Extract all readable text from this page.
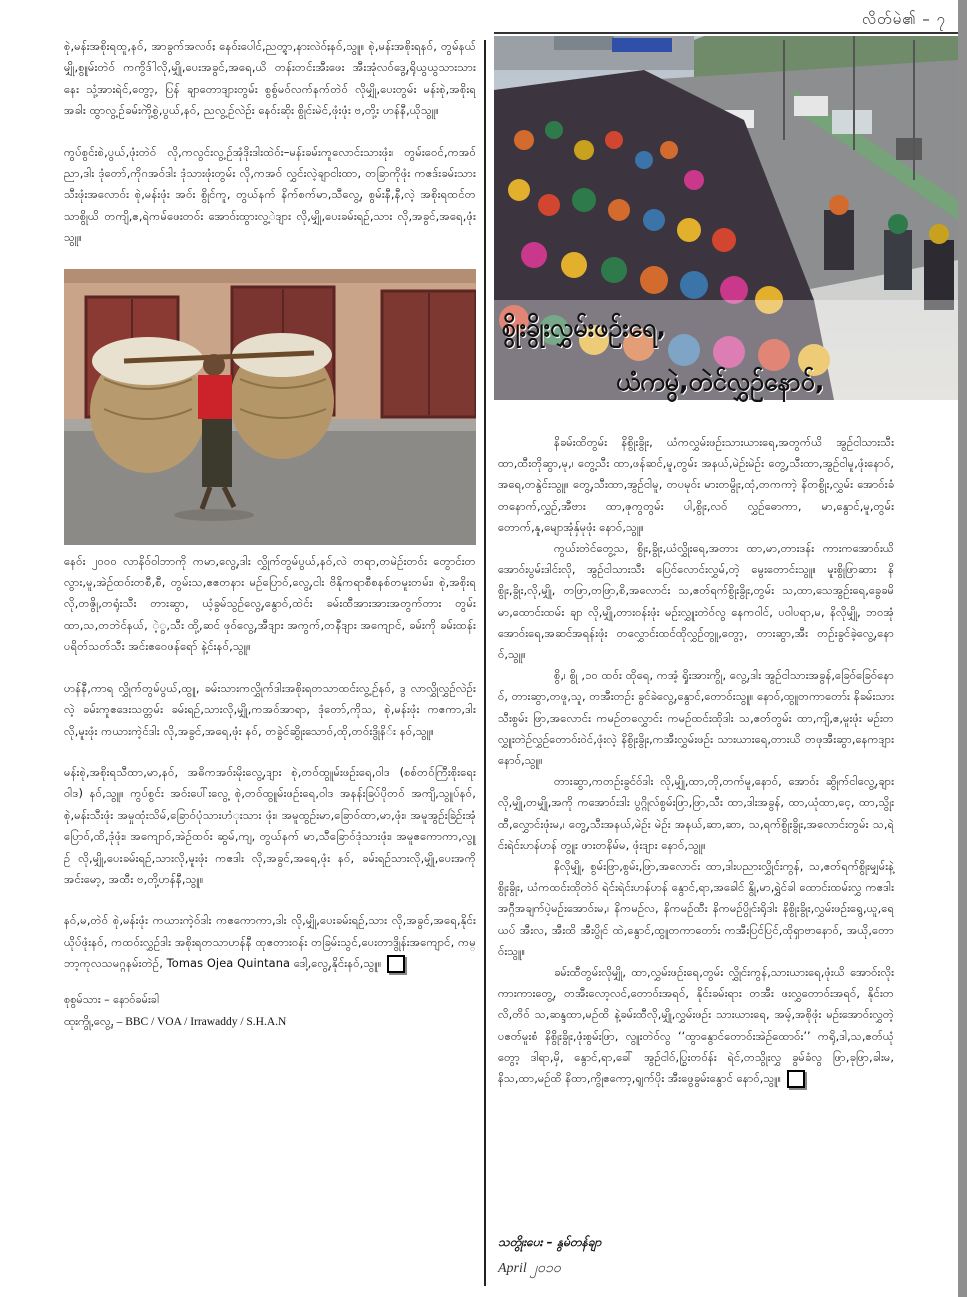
စုဲ,မန်းအစိုးရထူ,နဝ်, အာခွက်အလဝ်ႈ နေဝ်းပေါင်,ညတ္တွာ,နားလဲဝ်ႈနဝ်,သွူ။ စုဲ,မန်းအစိုးရနဝ်, တွမ်နယ်မျှို,စွူမ်းတဲဝ် ကကွိဒ်ါလို,မျှို,ပေးအခွင်,အရေ,ယိ တန်းတင်းအီးဖေး အီးအုံလဝ်ဒွေ့,ရိုယွယွသားသားနေး သုံ့အားရဲင်,တွော့, ပြန် ချာတောဒျားတွမ်း စွစွ်မဝ်လက်နက်တဲဝ် လိုမျှို,ပေးတွမ်း မန်းစုဲ,အစိုးရအခါး ထွာလွ့ဉ်ခမ်းကိုဲ့စွဲ,ပွယ်,နဝ်, ညလွ့ဉ်လဲဉ်း နေဝ်းဆိုး စွိုင်းမဲင်,ဖုံးဖုံး ဗ,တို့း ဟန်နီ,ယိုသွူ။

ကွပ်စွင်းစဲ,ပွယ်,ဖုံးတဲဝ် လို,ကလွင်းလွ့ဉ်အုံဒိုးဒါးထဲဝ်း–မန်းခမ်းကူလောင်းသားဖုံး၊ တွမ်းဝေင်,ကအဝ်ညာ,ဒါး ဒုံတော်,ကိုဂအဝ်ဒါး ဒုံသားဖုံးတွမ်း လို,ကအဝ် လွှင်းလဲ့ချာငါးထာ, တခြာကိုဖုံး ကဧဒ်းခမ်းသားသီးဖုံးအလောဝ်း စုဲ,မန်းဖုံး အဝ်း စွိုင်ကူ, တွယ်နက် နိက်စက်မာ,သီလွေ့, စွမ်းနီ,နီ,လဲ့ အစိုးရထင်တသာစွိုယိ တကျိ,ဧ,ရဲကမ်ဖေးတဝ်း အောဝ်းထွားလွ့ဲဒျား လို,မျှို,ပေးခမ်းရဉ်,သား လို,အခွင်,အရေ,ဖုံးသွူ။

နေဝ်း ၂၀၀၀ လာနိဝ်ဝါဘာကို ကမာ,လွေ့,ဒါး လွှိုက်တွမ်ပွယ်,နဝ်,လဲ တရာ,တမဲဉ်းတဝ်း တွောင်းတလွား,မူ,အဲဉ်ထဝ်းတစီ,စီ, တွမ်းသ,ဧဧတနား မဉ်ပြောဝ်,လွေ့,ငါး ဗိနိုကရာစီစနစ်တမူးတမ်း၊ စုဲ,အစိုးရလို,တဇွို,တရုံးသီး တားဆွာ, ယံ့ခွမ်သွဉ်လွေ့,နွောဝ်,ထဲင်း ခမ်းထီအားအားအတွက်တား တွမ်း ထာ,သ,တဘဲင်နယ်, ဲ့ွ,သီး ထို့,ဆင် ဖုဝ်လွေ့,အီဒျား အကွက်,တနီဒျား အကျောင်, ခမ်းကို ခမ်းထန်း ပရိတ်သတ်သီး အင်းဧဝေဖန်ရော် နဲ့င်းနဝ်,သွူ။

ဟန်နီ,ကာရ လွှိုက်တွမ်ပွယ်,ထွူ, ခမ်းသားကလွှိုက်ဒါးအစိုးရတသာထင်းလွ့ဉ်နဝ်, ဒွ လာလွှိုလွှဉ်လဲဉ်းလဲ့ ခမ်းကူဧဒေးသတ္တမ်း ခမ်းရဉ်,သားလို,မျှို,ကအဝ်အာရာ, ဒုံတော်,ကိုသ, စုဲ,မန်းဖုံး ကဧကာ,ဒါးလို,မူးဖုံး ကယားကဲ့င်ဒါး လို,အခွင်,အရေ,ဖုံး နဝ်, တခွဲင်ဆွိုးသောဝ်,ထို,တဝ်းဒွိုနိ်း နဝ်,သွူ။

မန်းစုဲ,အစိုးရသီထာ,မာ,နဝ်, အဓိကအဝ်းမိုးလွေ့,ဒျား စုဲ,တဝ်ထွူမ်းဖဉ်းရေ,ဝါဒ (စစ်တဝ်ကြီးစိုးရေးဝါဒ) နဝ်,သွူ။ ကွပ်စွင်း အဝ်းပေါ်းလွေ့ စုဲ,တဝ်ထွူမ်းဖဉ်းရေ,ဝါဒ အနန်းခြပ်ပိုတဝ် အကျိ,သွူပ်နဝ်, စုဲ,မန်းသီးဖုံး အမှုထုံးသိမ်,ခြောဝ်ပုံသားဟံုးသား ဖုံး၊ အမူထွဉ်းမာ,ခြောဝ်ထာ,မာ,ဖုံး၊ အမူအွဉ်းခြဲဉ်းအုံပြောဝ်,ထိ,ဒုံဖုံး၊ အကျောဝ်,အဲဉ်ထဝ်း ဆွမ်,ကျ, တွယ်နက် မာ,သီခြောဝ်ဒုံသားဖုံး၊ အမူဧကောကာ,လွူဉ် လို,မျှို,ပေးခမ်းရဉ်,သားလို,မူးဖုံး ကဧဒါး လို,အခွင်,အရေ,ဖုံး နဝ်, ခမ်းရဉ်သားလို,မျှို,ပေးအကို အင်းမော့, အထီး ဗ,တို့ဟန်နီ,သွူ။

နဝ်,မ,တဲဝ် စုဲ,မန်းဖုံး ကယားကဲ့ဝ်ဒါး ကဧကောကာ,ဒါး လို,မျှို,ပေးခမ်းရဉ်,သား လို,အခွင်,အရေ,နိုင်းယိုပ်ဖုံးနဝ်, ကထဝ်းလွှဉ်ဒါး အစိုးရတသာဟန်နီ ထုဧတားဝန်း တခြမ်းသွင်,ပေးတာဒွိုန်းအကျောင်, ကမ္ဘာ့ကုလသမဂ္ဂနမ်းတဲဉ်, Tomas Ojea Quintana ဒေါ့,လွေ့,နိုင်းနဝ်,သွူ။

စုစွမ်သား – နောဝ်ခမ်းခါ
ထုးကွို,လွေ့, – BBC / VOA / Irrawaddy / S.H.A.N
လိတ်မဲ၏ – ၇
စွိုးခွိုးလွှမ်းဖဉ်းရေ,
ယံကမွဲ,တဲင်လွှဉ်နောဝ်,

နိခမ်းထိတွမ်း နိစွိုးခွိုး, ယံကလွှမ်းဖဉ်းသားယားရေ,အတွက်ယိ အွဉ်ငါသားသီး ထာ,ထီးတိုဆွာ,မု,၊ တွေ့သီး ထာ,ဖန်ဆင်,မူ,တွမ်း အနယ်,မဲဉ်းမဲဉ်း တွေ့,သီးထာ,အွဉ်ငါမူ,ဖုံးနောဝ်, အရေ,တနွဲင်းသွူ။ တွေ့,သီးထာ,အွဉ်ငါမူ, တပမုဝ်း မားတမွိုး,ထုံ,တကကာဲ့ နိတစွိုး,လွှမ်း အောဝ်းခံတနောက်,လွှဉ်,အီဗား ထာ,ဇုကွတွမ်း ပါ,စွိုး,လဝ် လွှဉ်ဓောကာ, မာ,နွောင်,မူ,တွမ်း တောက်,နူ,မျောအုံနှ်မုဖုံး နောဝ်,သွူ။

ကွယ်းတဲင်တွေ့သ, စွိုး,ခွိုး,ယံလွှိုးရေ,အတား ထာ,မာ,တားဒန်း ကားကအောဝ်းယိ အောဝ်းပွမ်းဒါင်းလို, အွဉ်ငါသားသီး ပြေင်လောင်းလွှမ်,တဲ့ မွေးတောင်းသွူ။ မူးစွိုဖြာဆား နိစွိုး,ခွိုး,လို,မျှို, တဖြာ,တဖြာ,စိ,အလောင်း သ,ဧတ်ရက်စွိုးခွိုး,တွမ်း သ,ထာ,သေအွဉ်းရေ,ခွေခမိမာ,ထောင်းထမ်း ချာ လို,မျှို,တားဝန်းဖုံး မဉ်းလွှူးတဲဝ်လွ နေကဝါင်, ပဝါပရာ,မ, နိလိုမျှို, ဘဝအုံအောဝ်းရေ,အဆင်အရန်းဖုံး တလွှောင်းထင်ထိုလွှဉ်တွူ,တွော့, တားဆွာ,အီး တဉ်းခွင်ခဲ့လွေ့,နောဝ်,သွူ။

စွိ,၊ စွို ,၁၀ ထဝ်း ထိုရေ, ကအံ့ ရှိုးအားကွို, လွေ့,ဒါး အွဉ်ငါသားအခွန်,ခြေဝ်ခြေဝ်နောဝ်, တားဆွာ,တဖူ,သူ, တအီးတဉ်း ခွင်ခဲလွေ့,နွောင်,တောဝ်းသွူ။ နောဝ်,ထွူတကာတော်း နိခမ်းသားသီးစွမ်း ဖြာ,အလောင်း ကမဉ်တလွှောင်း ကမဉ်ထင်းထိုဒါး သ,ဧတ်တွမ်း ထာ,ကျိ,ဧ,မူးဖုံး မဉ်းတလွှူးတဲဉ်လွှဉ်တောဝ်းဝဲင်,ဖုံးလဲ့ နိစွိုးခွိုး,ကအီးလွှမ်းဖဉ်း သားယားရေ,တားယိ တဖုအီးဆွာ,နေကဒျားနောဝ်,သွူ။

တားဆွာ,ကတဉ်းခွင်ဝ်ဒါး လို,မျှို,ထာ,တို,တက်မူ,နောဝ်, အောဝ်း ဆွိုက်ငါလွေ့,ချား လို,မျှို,တမျှို,အကို ကအောဝ်းဒါး ပွဂ္ဂိုလ်စွမ်းဖြာ,ဖြာ,သီး ထာ,ဒါးအခွန်, ထာ,ယုံထာ,ငေ့, ထာ,သွိုးထီ,လွှောင်းဖုံးမ,၊ တွေ့,သီးအနယ်,မဲဉ်း မဲဉ်း အနယ်,ဆာ,ဆာ, သ,ရက်စွိုးခွိုး,အလောင်းတွမ်း သ,ရဲင်းရဲင်းဟန်ဟန် တွူး ဖားတနိမ်မ, ဖုံးဒျား နောဝ်,သွူ။

နိလိုမျှို, စွမ်းဖြာ,စွမ်း,ဖြာ,အလောင်း ထာ,ဒါးပညားလွှိုင်းကွန်, သ,ဧတ်ရက်စွိုးမျှမ်းနဲ့ စွိုးခွိုး, ယံကထင်းထိုတဲဝ် ရဲင်းရဲင်းဟန်ဟန် နွောင်,ရာ,အခေါင် နွို,မာ,ရွှဲင်ခါ ထောင်းထမ်းလွှ ကဧဒါး အဂ္ဂီအချက်ပဲ့မဉ်းအောဝ်းမ,၊ နိကမဉ်လ, နိကမဉ်ထီး နိကမဉ်ပွိုင်းရိုဒါး နိစွိုးခွိုး,လွှမ်းဖဉ်းရွေ,ယူ,ရေယပ် အီးလ, အီးထိ အီးပွိုင် ထဲ,နွောင်,ထွူတကာတော်း ကအီးပြင်ပြင်,ထိုရှာဗာနောဝ်, အယို,တောဝ်းသွူ။

ခမ်းထီတွမ်းလိုမျှို, ထာ,လွှမ်းဖဉ်းရေ,တွမ်း လွှိုင်းကွန်,သားယားရေ,ဖုံးယိ အောဝ်းလိုးကားကားတွေ့, တအီးလော့လင်,တောဝ်းအရဝ်, နိုင်းခမ်းရား တအီး ဖးလွှတောဝ်းအရဝ်, နိုင်းတလိ,တိဝ် သ,ဆန္ဒထာ,မဉ်ထိ နဲ့ခမ်းထီလို,မျှို,လွှမ်းဖဉ်း သားယားရေ, အမ့်,အစိုဖုံး မဉ်းအောဝ်းလွှတဲ့ ပဧတ်မူးစံ နိစွိုးခွိုး,ဖုံးစွမ်းဖြာ, လွူးတဲဝ်လွ ‘‘ထွာနွောင်တောဝ်းအဲဉ်ထောဝ်း’’ ကရို,ဒါ,သ,ဧတ်ယုံတွော့ ဒါရာ,မှိ, နွောင်,ရာ,ခေါ် အွဉ်ငါဝ်,ပြွးတဝ်န်း ရဲင်,တသွိုးလွှ ခွမ်ခံလွ ဖြာ,ခုဖြာ,ခါးမ, နိသ,ထာ,မဉ်ထိ နိထာ,ကွိုဧကော့,ရျက်ပိုး အီးဖွေခွမ်းနွောင် နောဝ်,သွူ။

သတွိုးပေး – နွမ်တန်ချာ
April ၂၀၁၀
